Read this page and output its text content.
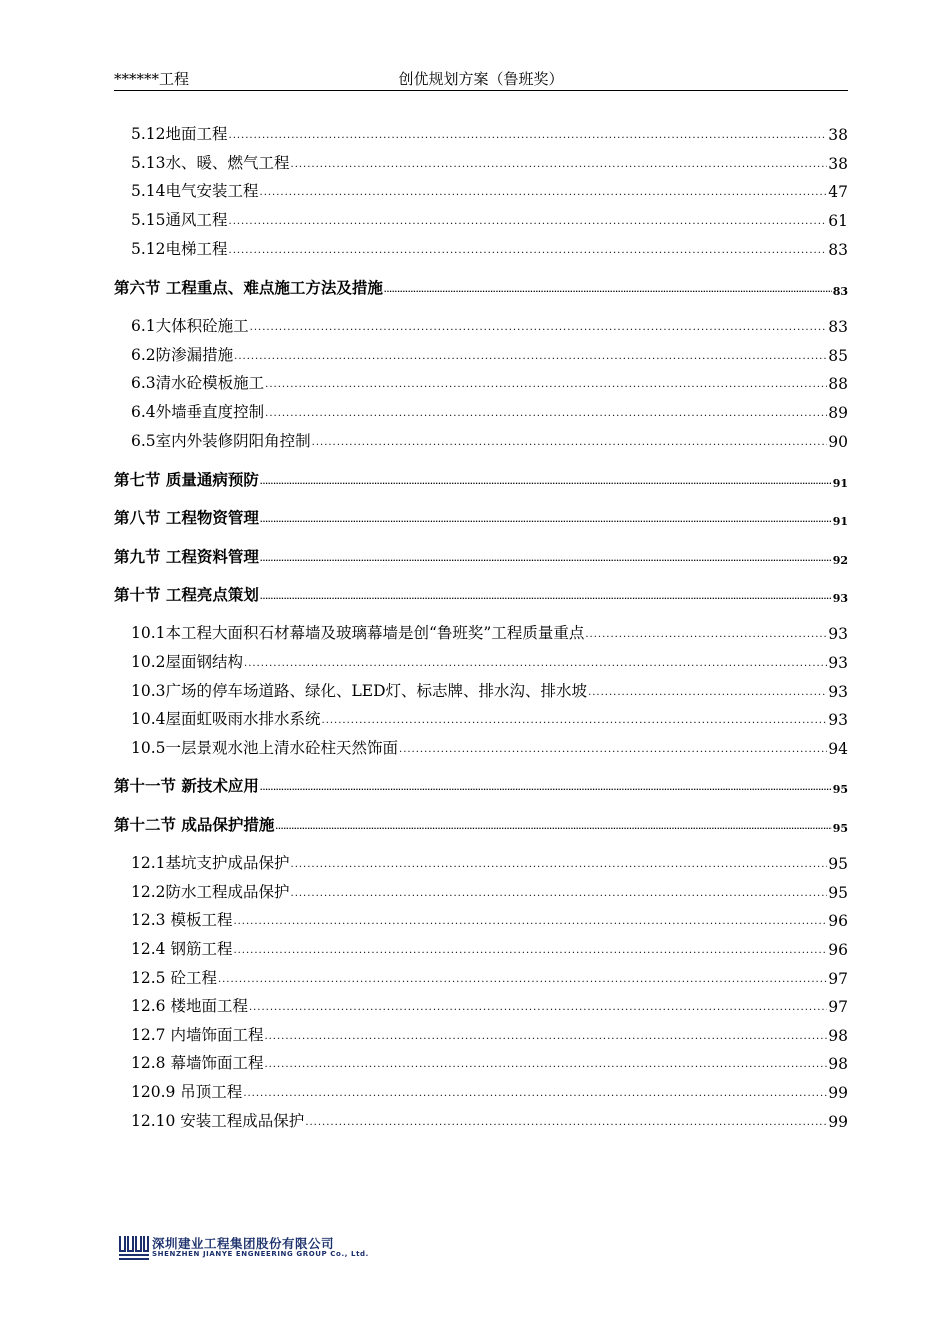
******工程	创优规划方案（鲁班奖）
5.12地面工程 .....	38
5.13水、暖、燃气工程 .....	38
5.14电气安装工程 .....	47
5.15通风工程 .....	61
5.12电梯工程 .....	83
第六节 工程重点、难点施工方法及措施 .....	83
6.1大体积砼施工 .....	83
6.2防渗漏措施 .....	85
6.3清水砼模板施工 .....	88
6.4外墙垂直度控制 .....	89
6.5室内外装修阴阳角控制 .....	90
第七节 质量通病预防 .....	91
第八节 工程物资管理 .....	91
第九节 工程资料管理 .....	92
第十节 工程亮点策划 .....	93
10.1本工程大面积石材幕墙及玻璃幕墙是创“鲁班奖”工程质量重点 .....	93
10.2屋面钢结构 .....	93
10.3广场的停车场道路、绿化、LED灯、标志牌、排水沟、排水坡 .....	93
10.4屋面虹吸雨水排水系统 .....	93
10.5一层景观水池上清水砼柱天然饰面 .....	94
第十一节 新技术应用 .....	95
第十二节 成品保护措施 .....	95
12.1基坑支护成品保护 .....	95
12.2防水工程成品保护 .....	95
12.3 模板工程 .....	96
12.4 钢筋工程 .....	96
12.5 砼工程 .....	97
12.6 楼地面工程 .....	97
12.7 内墙饰面工程 .....	98
12.8 幕墙饰面工程 .....	98
120.9 吊顶工程 .....	99
12.10 安装工程成品保护 .....	99
深圳建业工程集团股份有限公司
SHENZHEN JIANYE ENGNEERING GROUP Co., Ltd.
